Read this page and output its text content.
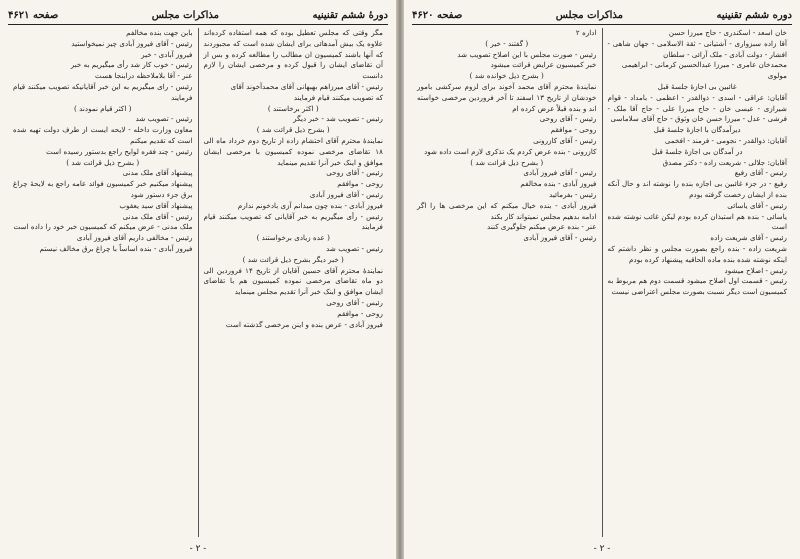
دورهٔ ششم تقنینیه
مذاکرات مجلس
صفحه ۴۶۲۱

مگر وقتی که مجلس تعطیل بوده که همه استفاده کرده‌اند علاوه یک بیش آمدهائی برای ایشان شده است که مجبوردند که آنها باشند کمیسیون ان مطالب را مطالعه کرده و بس از آن تقاضای ایشان را قبول کرده و مرخصی ایشان را لازم دانست

رئیس - آقای میرزاهم بهبهانی آقای محمدآخوند آقای

که تصویب میکنند قیام فرمایند

( اکثر برخاستند )

رئیس - تصویب شد - خبر دیگر

( بشرح ذیل قرائت شد )

نمایندهٔ محترم آقای احتشام زاده از تاریخ دوم خرداد ماه الی ۱۸ تقاضای مرخصی نموده کمیسیون با مرخصی ایشان موافق و اینک خبر آنرا تقدیم مینماید

رئیس - آقای روحی

روحی - موافقم

رئیس - آقای فیروز آبادی

فیروز آبادی - بنده چون میدانم آزی بادخونم ندارم

رئیس - رأی میگیریم به خبر آقایانی که تصویب میکنند قیام فرمایند

( عده زیادی برخواستند )

رئیس - تصویب شد

( خبر دیگر بشرح ذیل قرائت شد )

نمایندهٔ محترم آقای حسین آقایان از تاریخ ۱۴ فروردین الی دو ماه تقاضای مرخصی نموده کمیسیون هم با تقاضای ایشان موافق و اینک خبر آنرا تقدیم مجلس مینماید

رئیس - آقای روحی

روحی - موافقم

فیروز آبادی - عرض بنده و اینن مرخصی گذشته است

بابن جهت بنده مخالفم

رئیس - آقای فیروز آبادی چیز نمیخواستید

فیروز آبادی - خیر

رئیس - خوب کار شد رأی میگیریم به خبر

عنر - آقا بلاملاحظه درابنجا هست

رئیس - رای میگیریم به این خبر آقایانیکه تصویب میکنند قیام فرمایند

( اکثر قیام نمودند )

رئیس - تصویب شد

معاون وزارت داخله - لایحه ایست از طرف دولت تهیه شده است که تقدیم میکنم

رئیس - چند فقره لوایح راجع بدستور رسیده است

( بشرح ذیل قرائت شد )

پیشنهاد آقای ملک مدنی

پیشنهاد میکنیم خبر کمیسیون فوائد عامه راجع به لایحهٔ چراغ برق جزء دستور شود

پیشنهاد آقای سید یعقوب

رئیس - آقای ملک مدنی

ملک مدنی - عرض میکنم که کمیسیون خبر خود را داده است

رئیس - مخالفی داریم آقای فیروز آبادی

فیروز آبادی - بنده اساساً با چراغ برق مخالف نیستم

- ۲ -
دوره ششم تقنینیه
مذاکرات مجلس
صفحه ۴۶۲۰

خان اسعد - اسکندری - حاج میرزا حسن

آقا زاده سبزواری - آشتیانی - ثقة الاسلامی - جهان شاهی - افشار - دولت آبادی - ملک آرائی - سلطان

محمدخان عامری - میرزا عبدالحسین کرمانی - ابراهیمی

مولوی

غائبین بی اجازهٔ جلسهٔ قبل

آقایان: عراقی - اسدی - ذوالقدر - اعظمی - بامداد - قوام شیرازی - عیسی خان - حاج میرزا علی - حاج آقا ملک - فرشی - عدل - میرزا حسن خان وثوق - حاج آقای سلاماسی

دیرآمدگان با اجازهٔ جلسهٔ قبل

آقایان: ذوالقدر - نجومی - فرمند - افخمی

در آمدگان بی اجازهٔ جلسهٔ قبل

آقایان: جلالی - شریعت زاده - دکتر مصدق

رئیس - آقای رفیع

رفیع - در جزء غائبین بی اجازه بنده را نوشته اند و حال آنکه بنده از ایشان رخصت گرفته بودم

رئیس - آقای یاسائی

یاسائی - بنده هم استیذان کرده بودم لیکن غائب نوشته شده است

رئیس - آقای شریعت زاده

شریعت زاده - بنده راجع بصورت مجلس و نظر داشتم که اینکه نوشته شده بنده ماده الحاقیه پیشنهاد کرده بودم

رئیس - اصلاح میشود

رئیس - قسمت اول اصلاح میشود قسمت دوم هم مربوط به کمیسیون است دیگر نسبت بصورت مجلس اعتراضی نیست

اداره ۲

( گفتند - خیر )

رئیس - صورت مجلس با این اصلاح تصویب شد

خبر کمیسیون عرایض قرائت میشود

( بشرح ذیل خوانده شد )

نمایندهٔ محترم آقای محمد آخوند برای لزوم سرکشی بامور خودشان از تاریخ ۱۳ اسفند تا آخر فروردین مرخصی خواسته اند و بنده قبلاً عرض کرده ام

رئیس - آقای روحی

روحی - موافقم

رئیس - آقای کازرونی

کازرونی - بنده عرض کردم یک تذکری لازم است داده شود

( بشرح ذیل قرائت شد )

رئیس - آقای فیروز آبادی

فیروز آبادی - بنده مخالفم

رئیس - بفرمائید

فیروز آبادی - بنده خیال میکنم که این مرخصی ها را اگر ادامه بدهیم مجلس نمیتواند کار بکند

عنر - بنده عرض میکنم جلوگیری کنند

رئیس - آقای فیروز آبادی

- ۲ -
